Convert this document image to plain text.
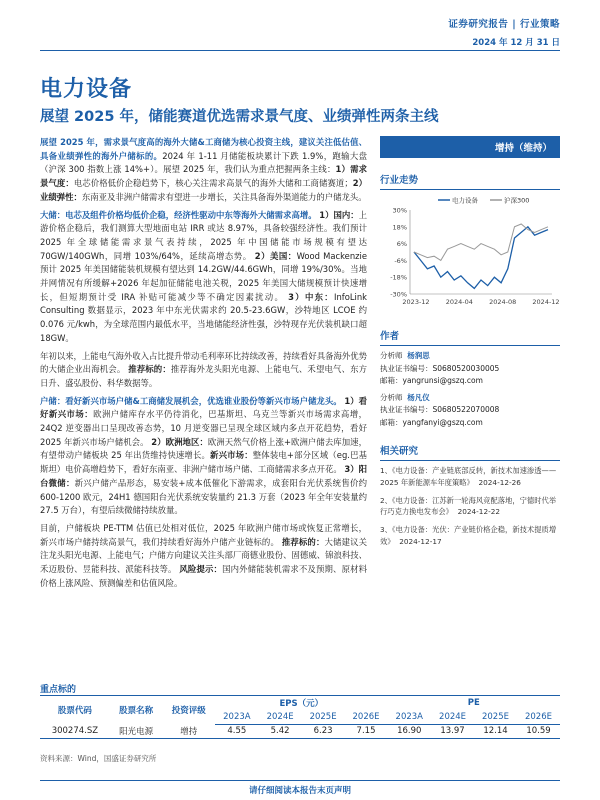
证券研究报告 | 行业策略
2024 年 12 月 31 日
电力设备
展望 2025 年，储能赛道优选需求景气度、业绩弹性两条主线

展望 2025 年，需求景气度高的海外大储&工商储为核心投资主线，建议关注低估值、具备业绩弹性的海外户储标的。2024 年 1-11 月储能板块累计下跌 1.9%，跑输大盘（沪深 300 指数上涨 14%+）。展望 2025 年，我们认为重点把握两条主线：1）需求景气度：电芯价格低价企稳趋势下，核心关注需求高景气的海外大储和工商储赛道；2）业绩弹性：东南亚及非洲户储需求有望进一步增长，关注具备海外渠道能力的户储龙头。

大储：电芯及组件价格均低价企稳，经济性驱动中东等海外大储需求高增。 1）国内：上游价格企稳后，我们测算大型地面电站 IRR 或达 8.97%，具备较强经济性。我们预计 2025 年全球储能需求景气表持续，2025 年中国储能市场规模有望达 70GW/140GWh，同增 103%/64%，延续高增态势。 2）美国：Wood Mackenzie 预计 2025 年美国储能装机规模有望达到 14.2GW/44.6GWh，同增 19%/30%。当地并网情况有所缓解+2026 年起加征储能电池关税，2025 年美国大储规模预计快速增长，但短期预计受 IRA 补贴可能减少等不确定因素扰动。 3）中东：InfoLink Consulting 数据显示，2023 年中东光伏需求约 20.5-23.6GW，沙特地区 LCOE 约 0.076 元/kwh，为全球范围内最低水平，当地储能经济性强，沙特现存光伏装机缺口超 18GW。

年初以来，上能电气海外收入占比提升带动毛利率环比持续改善，持续看好具备海外优势的大储企业出海机会。 推荐标的：推荐海外龙头阳光电源、上能电气、禾望电气、东方日升、盛弘股份、科华数据等。

户储：看好新兴市场户储&工商储发展机会，优选谁业股份等新兴市场户储龙头。 1）看好新兴市场：欧洲户储库存水平仍待消化，巴基斯坦、乌克兰等新兴市场需求高增，24Q2 逆变器出口呈现改善态势，10 月逆变器已呈现全球区域内多点开花趋势，看好 2025 年新兴市场户储机会。 2）欧洲地区：欧洲天然气价格上涨+欧洲户储去库加速，有望带动户储板块 25 年出货维持快速增长。新兴市场：整体装电+部分区域（eg.巴基斯坦）电价高增趋势下，看好东南亚、非洲户储市场户储、工商储需求多点开花。 3）阳台微储：新兴户储产品形态，易安装+成本低催化下游需求，成套阳台光伏系统售价约 600-1200 欧元，24H1 德国阳台光伏系统安装量约 21.3 万套（2023 年全年安装量约 27.5 万台），有望后续微储持续放量。

目前，户储板块 PE-TTM 估值已处相对低位，2025 年欧洲户储市场或恢复正常增长，新兴市场户储持续高景气，我们持续看好海外户储产业链标的。 推荐标的：大储建议关注龙头阳光电源、上能电气；户储方向建议关注头部厂商德业股份、固德威、锦浪科技、禾迈股份、昱能科技、派能科技等。 风险提示：国内外储能装机需求不及预期、原材料价格上涨风险、预测偏差和估值风险。

增持（维持）
行业走势
30%
18%
6%
-6%
-18%
-30%
2023-12 2024-04 2024-08 2024-12
电力设备	沪深300
作者
分析师 杨润思
执业证书编号：S0680520030005
邮箱：yangrunsi@gszq.com
分析师 杨凡仪
执业证书编号：S0680522070008
邮箱：yangfanyi@gszq.com
相关研究
1、《电力设备：产业链底部反转，新技术加速渗透——2025 年新能源车年度策略》 2024-12-26
2、《电力设备：江苏新一轮海风竞配落地，宁德时代举行巧克力换电发布会》 2024-12-22
3、《电力设备：光伏：产业链价格企稳，新技术提质增效》 2024-12-17
重点标的
股票代码	股票名称	投资评级	EPS（元）				PE			
			2023A	2024E	2025E	2026E	2023A	2024E	2025E	2026E
300274.SZ	阳光电源	增持	4.55	5.42	6.23	7.15	16.90	13.97	12.14	10.59
资料来源：Wind，国盛证券研究所
请仔细阅读本报告末页声明
